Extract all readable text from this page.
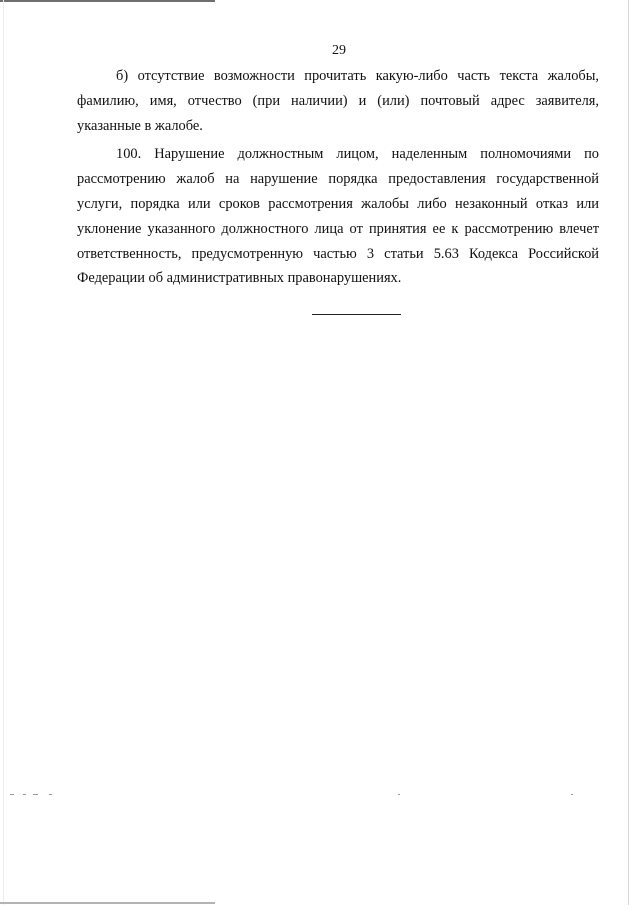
29

б) отсутствие возможности прочитать какую-либо часть текста жалобы, фамилию, имя, отчество (при наличии) и (или) почтовый адрес заявителя, указанные в жалобе.

100. Нарушение должностным лицом, наделенным полномочиями по рассмотрению жалоб на нарушение порядка предоставления государственной услуги, порядка или сроков рассмотрения жалобы либо незаконный отказ или уклонение указанного должностного лица от принятия ее к рассмотрению влечет ответственность, предусмотренную частью 3 статьи 5.63 Кодекса Российской Федерации об административных правонарушениях.
